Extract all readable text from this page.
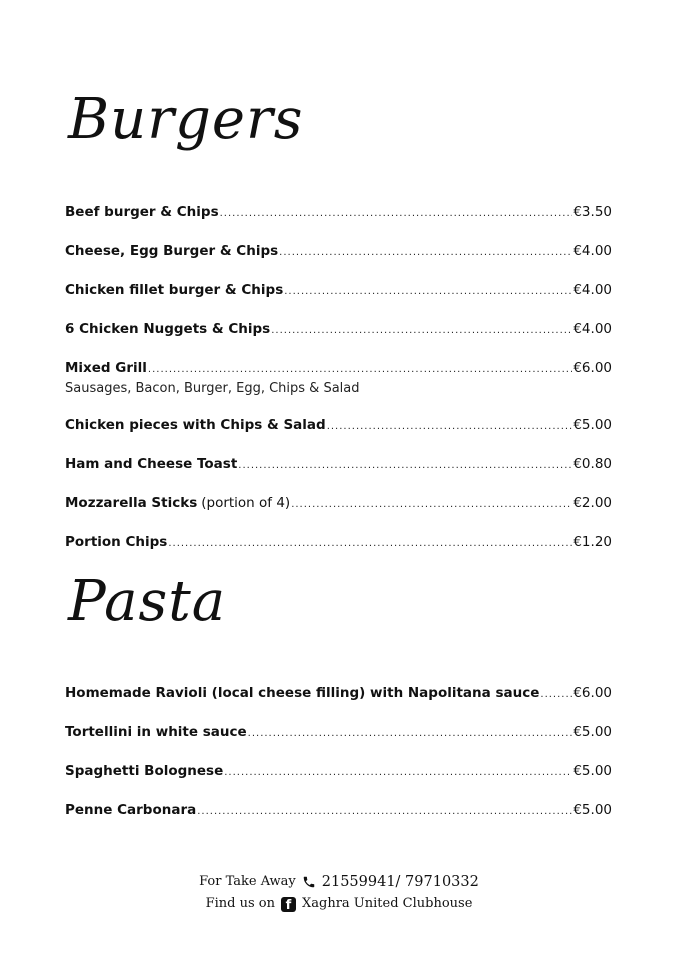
Burgers
Beef burger & Chips .....	€3.50
Cheese, Egg Burger & Chips .....	€4.00
Chicken fillet burger & Chips .....	€4.00
6 Chicken Nuggets & Chips .....	€4.00
Mixed Grill .....	€6.00
Sausages, Bacon, Burger, Egg, Chips & Salad
Chicken pieces with Chips & Salad .....	€5.00
Ham and Cheese Toast .....	€0.80
Mozzarella Sticks (portion of 4) .....	€2.00
Portion Chips .....	€1.20
Pasta
Homemade Ravioli (local cheese filling) with Napolitana sauce .....	€6.00
Tortellini in white sauce .....	€5.00
Spaghetti Bolognese .....	€5.00
Penne Carbonara .....	€5.00
For Take Away 21559941/ 79710332
Find us on f Xaghra United Clubhouse
